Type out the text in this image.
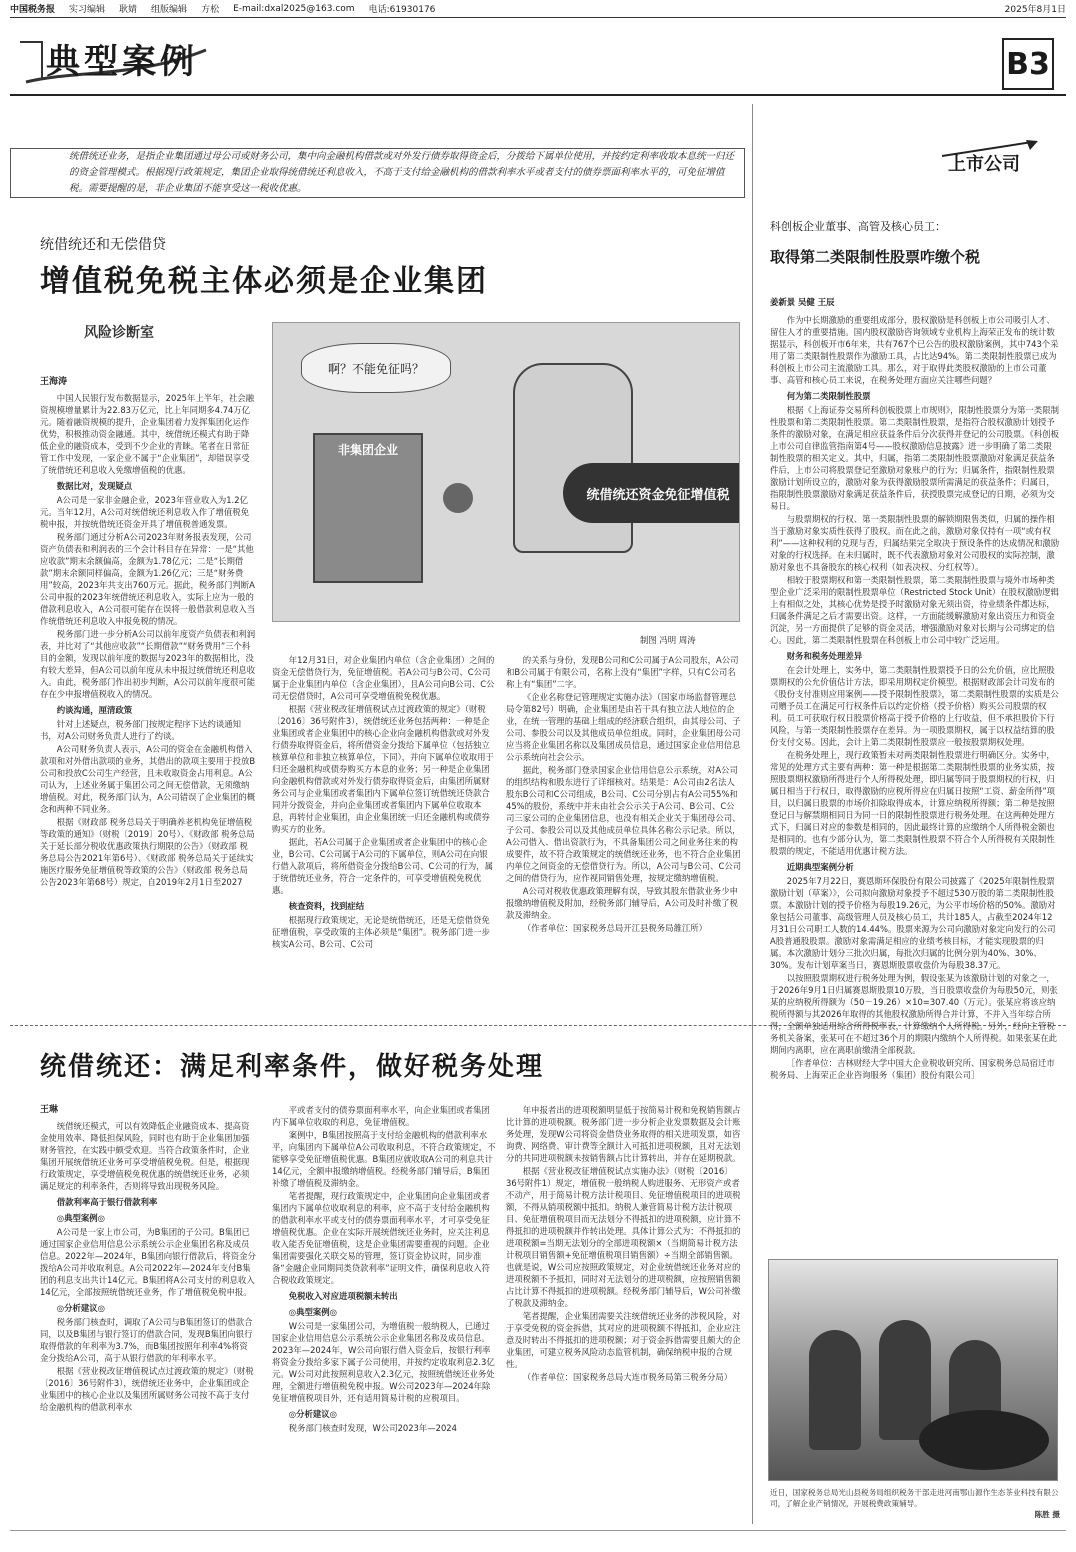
中国税务报 实习编辑 耿婧 组版编辑 方松 E-mail:dxal2025@163.com 电话:61930176	2025年8月1日
典型案例	B3
统借统还业务，是指企业集团通过母公司或财务公司，集中向金融机构借款或对外发行债券取得资金后，分拨给下属单位使用，并按约定利率收取本息统一归还的资金管理模式。根据现行政策规定，集团企业取得统借统还利息收入，不高于支付给金融机构的借款利率水平或者支付的债券票面利率水平的，可免征增值税。需要提醒的是，非企业集团不能享受这一税收优惠。
统借统还和无偿借贷
增值税免税主体必须是企业集团
风险诊断室
王海涛

中国人民银行发布数据显示，2025年上半年，社会融资规模增量累计为22.83万亿元，比上年同期多4.74万亿元。随着融资规模的提升，企业集团着力发挥集团化运作优势，积极推动资金融通。其中，统借统还模式有助于降低企业的融资成本，受到不少企业的青睐。笔者在日常征管工作中发现，一家企业不属于“企业集团”，却错误享受了统借统还利息收入免缴增值税的优惠。

数据比对，发现疑点

A公司是一家非金融企业，2023年营业收入为1.2亿元。当年12月，A公司对统借统还利息收入作了增值税免税申报，并按统借统还资金开具了增值税普通发票。

税务部门通过分析A公司2023年财务报表发现，公司资产负债表和利润表的三个会计科目存在异常：一是“其他应收款”期末余额偏高，金额为1.78亿元；二是“长期借款”期末余额同样偏高，金额为1.26亿元；三是“财务费用”较高，2023年共支出760万元。据此，税务部门判断A公司申报的2023年统借统还利息收入，实际上应为一般的借款利息收入，A公司很可能存在误将一般借款利息收入当作统借统还利息收入申报免税的情况。

税务部门进一步分析A公司以前年度资产负债表和利润表，并比对了“其他应收款”“长期借款”“财务费用”三个科目的金额，发现以前年度的数据与2023年的数据相比，没有较大差异，但A公司以前年度从未申报过统借统还利息收入。由此，税务部门作出初步判断，A公司以前年度很可能存在少申报增值税收入的情况。

约谈沟通，厘清政策

针对上述疑点，税务部门按规定程序下达约谈通知书，对A公司财务负责人进行了约谈。

A公司财务负责人表示，A公司的资金在金融机构借入款项和对外借出款项的业务，其借出的款项主要用于投放B公司和投放C公司生产经营，且未收取资金占用利息。A公司认为，上述业务属于集团公司之间无偿借款，无须缴纳增值税。对此，税务部门认为，A公司错误了企业集团的概念和两种不同业务。

根据《财政部 税务总局关于明确养老机构免征增值税等政策的通知》（财税〔2019〕20号）、《财政部 税务总局关于延长部分税收优惠政策执行期限的公告》（财政部 税务总局公告2021年第6号）、《财政部 税务总局关于延续实施医疗服务免征增值税等政策的公告》（财政部 税务总局公告2023年第68号）规定，自2019年2月1日至2027

啊？不能免征吗？
非集团企业
统借统还资金免征增值税
制图 冯明 周涛

年12月31日，对企业集团内单位（含企业集团）之间的资金无偿借贷行为，免征增值税。若A公司与B公司、C公司属于企业集团内单位（含企业集团），且A公司向B公司、C公司无偿借贷时，A公司可享受增值税免税优惠。

根据《营业税改征增值税试点过渡政策的规定》（财税〔2016〕36号附件3），统借统还业务包括两种：一种是企业集团或者企业集团中的核心企业向金融机构借款或对外发行债券取得资金后，将所借资金分拨给下属单位（包括独立核算单位和非独立核算单位，下同），并向下属单位收取用于归还金融机构或债券购买方本息的业务；另一种是企业集团向金融机构借款或对外发行债券取得资金后，由集团所属财务公司与企业集团或者集团内下属单位签订统借统还贷款合同并分拨资金，并向企业集团或者集团内下属单位收取本息，再转付企业集团，由企业集团统一归还金融机构或债券购买方的业务。

据此，若A公司属于企业集团或者企业集团中的核心企业，B公司、C公司属于A公司的下属单位，则A公司在向银行借入款项后，将所借资金分拨给B公司、C公司的行为，属于统借统还业务，符合一定条件的，可享受增值税免税优惠。

核查资料，找到症结

根据现行政策规定，无论是统借统还，还是无偿借贷免征增值税，享受政策的主体必须是“集团”。税务部门进一步核实A公司、B公司、C公司

的关系与身份，发现B公司和C公司属于A公司股东，A公司和B公司属于有限公司，名称上没有“集团”字样，只有C公司名称上有“集团”二字。

《企业名称登记管理规定实施办法》（国家市场监督管理总局令第82号）明确，企业集团是由若干具有独立法人地位的企业，在统一管理的基础上组成的经济联合组织，由其母公司、子公司、参股公司以及其他成员单位组成。同时，企业集团母公司应当将企业集团名称以及集团成员信息，通过国家企业信用信息公示系统向社会公示。

据此，税务部门登录国家企业信用信息公示系统，对A公司的组织结构和股东进行了详细核对。结果是：A公司由2名法人股东B公司和C公司组成，B公司、C公司分别占有A公司55%和45%的股份，系统中并未由社会公示关于A公司、B公司、C公司三家公司的企业集团信息，也没有相关企业关于集团母公司、子公司、参股公司以及其他成员单位具体名称公示记录。所以，A公司借入、借出资款行为，不具备集团公司之间业务往来的构成要件，故不符合政策规定的统借统还业务，也不符合企业集团内单位之间资金的无偿借贷行为。所以，A公司与B公司、C公司之间的借贷行为，应作视同销售处理，按规定缴纳增值税。

A公司对税收优惠政策理解有误，导致其股东借款业务少申报缴纳增值税及附加，经税务部门辅导后，A公司及时补缴了税款及滞纳金。

（作者单位：国家税务总局开江县税务局雒江所）

统借统还：满足利率条件，做好税务处理
王琳

统借统还模式，可以有效降低企业融资成本、提高资金使用效率、降低担保风险，同时也有助于企业集团加强财务管控，在实践中颇受欢迎。当符合政策条件时，企业集团开展统借统还业务可享受增值税免税。但是，根据现行政策规定，享受增值税免税优惠的统借统还业务，必须满足规定的利率条件，否则将导致出现税务风险。

借款利率高于银行借款利率
◎典型案例◎

A公司是一家上市公司，为B集团的子公司。B集团已通过国家企业信用信息公示系统公示企业集团名称及成员信息。2022年—2024年，B集团向银行借款后，将资金分拨给A公司并收取利息。A公司2022年—2024年支付B集团的利息支出共计14亿元。B集团将A公司支付的利息收入14亿元，全部按照统借统还业务，作了增值税免税申报。

◎分析建议◎

税务部门核查时，调取了A公司与B集团签订的借款合同，以及B集团与银行签订的借款合同，发现B集团向银行取得借款的年利率为3.7%，而B集团按照年利率4%将资金分拨给A公司，高于从银行借款的年利率水平。

根据《营业税改征增值税试点过渡政策的规定》（财税〔2016〕36号附件3），统借统还业务中，企业集团或企业集团中的核心企业以及集团所属财务公司按不高于支付给金融机构的借款利率水

平或者支付的债券票面利率水平，向企业集团或者集团内下属单位收取的利息，免征增值税。

案例中，B集团按照高于支付给金融机构的借款利率水平，向集团内下属单位A公司收取利息，不符合政策规定，不能够享受免征增值税优惠。B集团应就收取A公司的利息共计14亿元，全额申报缴纳增值税。经税务部门辅导后，B集团补缴了增值税及滞纳金。

笔者提醒，现行政策规定中，企业集团向企业集团或者集团内下属单位收取利息的利率，应不高于支付给金融机构的借款利率水平或支付的债券票面利率水平，才可享受免征增值税优惠。企业在实际开展统借统还业务时，应关注利息收入能否免征增值税，这是企业集团需要重视的问题。企业集团需要强化关联交易的管理，签订资金协议时，同步准备“金融企业同期同类贷款利率”证明文件，确保利息收入符合税收政策规定。

免税收入对应进项税额未转出
◎典型案例◎

W公司是一家集团公司，为增值税一般纳税人，已通过国家企业信用信息公示系统公示企业集团名称及成员信息。2023年—2024年，W公司向银行借入资金后，按银行利率将资金分拨给多家下属子公司使用，并按约定收取利息2.3亿元。W公司对此按照利息收入2.3亿元，按照统借统还业务处理，全额进行增值税免税申报。W公司2023年—2024年除免征增值税项目外，还有适用简易计税的应税项目。

◎分析建议◎

税务部门核查时发现，W公司2023年—2024

年申报者出的进项税额明显低于按简易计税和免税销售额占比计算的进项税额。税务部门进一步分析企业发票数据及会计账务处理，发现W公司将资金借贷业务取得的相关进项发票，如咨询费、网络费、审计费等全额计入可抵扣进项税额，且对无法划分的共同进项税额未按销售额占比计算转出，并存在延期税款。

根据《营业税改征增值税试点实施办法》（财税〔2016〕36号附件1）规定，增值税一般纳税人购进服务、无形资产或者不动产，用于简易计税方法计税项目、免征增值税项目的进项税额，不得从销项税额中抵扣。纳税人兼营简易计税方法计税项目、免征增值税项目而无法划分不得抵扣的进项税额，应计算不得抵扣的进项税额并作转出处理。具体计算公式为：不得抵扣的进项税额=当期无法划分的全部进项税额×（当期简易计税方法计税项目销售额+免征增值税项目销售额）÷当期全部销售额。也就是说，W公司应按照政策规定，对企业统借统还业务对应的进项税额不予抵扣，同时对无法划分的进项税额，应按照销售额占比计算不得抵扣的进项税额。经税务部门辅导后，W公司补缴了税款及滞纳金。

笔者提醒，企业集团需要关注统借统还业务的涉税风险，对于享受免税的资金拆借，其对应的进项税额不得抵扣，企业应注意及时转出不得抵扣的进项税额；对于资金拆借需要且颇大的企业集团，可建立税务风险动态监管机制，确保纳税申报的合规性。

（作者单位：国家税务总局大连市税务局第三税务分局）

上市公司
科创板企业董事、高管及核心员工：
取得第二类限制性股票咋缴个税
姜新景 吴健 王辰

作为中长期激励的重要组成部分，股权激励是科创板上市公司吸引人才、留住人才的重要措施。国内股权激励咨询领域专业机构上海荣正发布的统计数据显示，科创板开市6年来，共有767个已公告的股权激励案例，其中743个采用了第二类限制性股票作为激励工具，占比达94%。第二类限制性股票已成为科创板上市公司主流激励工具。那么，对于取得此类股权激励的上市公司董事、高管和核心员工来说，在税务处理方面应关注哪些问题？

何为第二类限制性股票

根据《上海证券交易所科创板股票上市规则》，限制性股票分为第一类限制性股票和第二类限制性股票。第二类限制性股票，是指符合股权激励计划授予条件的激励对象，在满足相应获益条件后分次获得并登记的公司股票。《科创板上市公司自律监管指南第4号——股权激励信息披露》进一步明确了第二类限制性股票的相关定义。其中，归属，指第二类限制性股票激励对象满足获益条件后，上市公司将股票登记至激励对象账户的行为；归属条件，指限制性股票激励计划所设立的，激励对象为获得激励股票所需满足的获益条件；归属日，指限制性股票激励对象满足获益条件后，获授股票完成登记的日期，必须为交易日。

与股票期权的行权、第一类限制性股票的解锁期限售类似，归属的操作相当于激励对象实质性获得了股权。而在此之前，激励对象仅持有一项“或有权利”——这种权利的兑现与否，归属结果完全取决于预设条件的达成情况和激励对象的行权选择。在未归属时，既不代表激励对象对公司股权的实际控制，激励对象也不具备股东的核心权利（如表决权、分红权等）。

相较于股票期权和第一类限制性股票，第二类限制性股票与境外市场种类型企业广泛采用的限制性股票单位（Restricted Stock Unit）在股权激励逻辑上有相似之处，其核心优势是授予时激励对象无须出资，待业绩条件都达标，归属条件满足之后才需要出资。这样，一方面能缓解激励对象出资压力和资金沉淀，另一方面提供了足够的资金灵活，增强激励对象对长期与公司绑定的信心。因此，第二类限制性股票在科创板上市公司中较广泛运用。

财务和税务处理差异

在会计处理上，实务中，第二类限制性股票授予日的公允价值，应比照股票期权的公允价值估计方法，即采用期权定价模型。根据财政部会计司发布的《股份支付准则应用案例——授予限制性股票》，第二类限制性股票的实质是公司赠予员工在满足可行权条件后以约定价格（授予价格）购买公司股票的权利。员工可获取行权日股票价格高于授予价格的上行收益，但不承担股价下行风险，与第一类限制性股票存在差异。为一项股票期权，属于以权益结算的股份支付交易。因此，会计上第二类限制性股票应一般按股票期权处理。

在税务处理上，现行政策暂未对两类限制性股票进行明确区分。实务中，常见的处理方式主要有两种：第一种是根据第二类限制性股票的业务实质，按照股票期权激励所得进行个人所得税处理，即归属等同于股票期权的行权，归属日相当于行权日，取得激励的应税所得应在归属日按照“工资、薪金所得”项目，以归属日股票的市场价扣除取得成本，计算应纳税所得额；第二种是按照登记日与解禁期相同日为同一日的限制性股票进行税务处理。在这两种处理方式下，归属日对应的参数是相同的，因此最终计算的应缴纳个人所得税金额也是相同的。也有少部分认为，第二类限制性股票不符合个人所得税有关限制性股票的规定，不能适用优惠计税方法。

近期典型案例分析

2025年7月22日，赛恩斯环保股份有限公司披露了《2025年限制性股票激励计划（草案）》，公司拟向激励对象授予不超过530万股的第二类限制性股票。本激励计划的授予价格为每股19.26元，为公平市场价格的50%。激励对象包括公司董事、高级管理人员及核心员工，共计185人，占截至2024年12月31日公司职工人数的14.44%。股票来源为公司向激励对象定向发行的公司A股普通股股票。激励对象需满足相应的业绩考核目标，才能实现股票的归属。本次激励计划分三批次归属，每批次归属的比例分别为40%、30%、30%。发布计划草案当日，赛恩斯股票收盘价为每股38.37元。

以按照股票期权进行税务处理为例，假设张某为该激励计划的对象之一，于2026年9月1日归属赛恩斯股票10万股，当日股票收盘价为每股50元，则张某的应纳税所得额为（50－19.26）×10=307.40（万元）。张某应将该应纳税所得额与其2026年取得的其他股权激励所得合并计算，不并入当年综合所得，全额单独适用综合所得税率表，计算缴纳个人所得税。另外，经向主管税务机关备案，张某可在不超过36个月的期限内缴纳个人所得税。如果张某在此期间内离职，应在离职前缴清全部税款。

［作者单位：吉林财经大学中国大企业税收研究所、国家税务总局宿迁市税务局、上海荣正企业咨询服务（集团）股份有限公司］

近日，国家税务总局光山县税务局组织税务干部走进河南鄂山源作生态茶业科技有限公司，了解企业产销情况，开展税费政策辅导。
陈胜 摄
